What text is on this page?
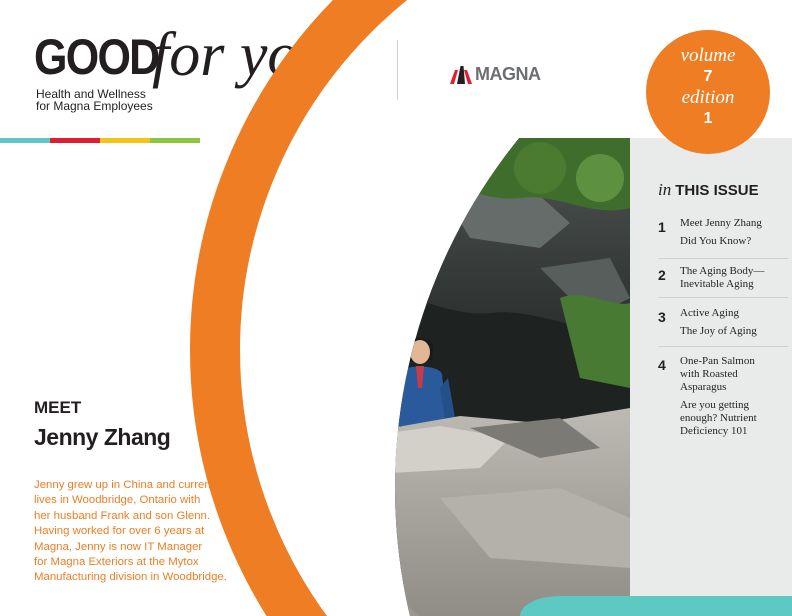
GOOD
for you
Health and Wellness
for Magna Employees
MAGNA
volume
7
edition
1
in THIS ISSUE
1 Meet Jenny Zhang
Did You Know?
2 The Aging Body—Inevitable Aging
3 Active Aging
The Joy of Aging
4 One-Pan Salmon with Roasted Asparagus
Are you getting enough? Nutrient Deficiency 101
MEET
Jenny Zhang
Jenny grew up in China and currently
lives in Woodbridge, Ontario with
her husband Frank and son Glenn.
Having worked for over 6 years at
Magna, Jenny is now IT Manager
for Magna Exteriors at the Mytox
Manufacturing division in Woodbridge.
